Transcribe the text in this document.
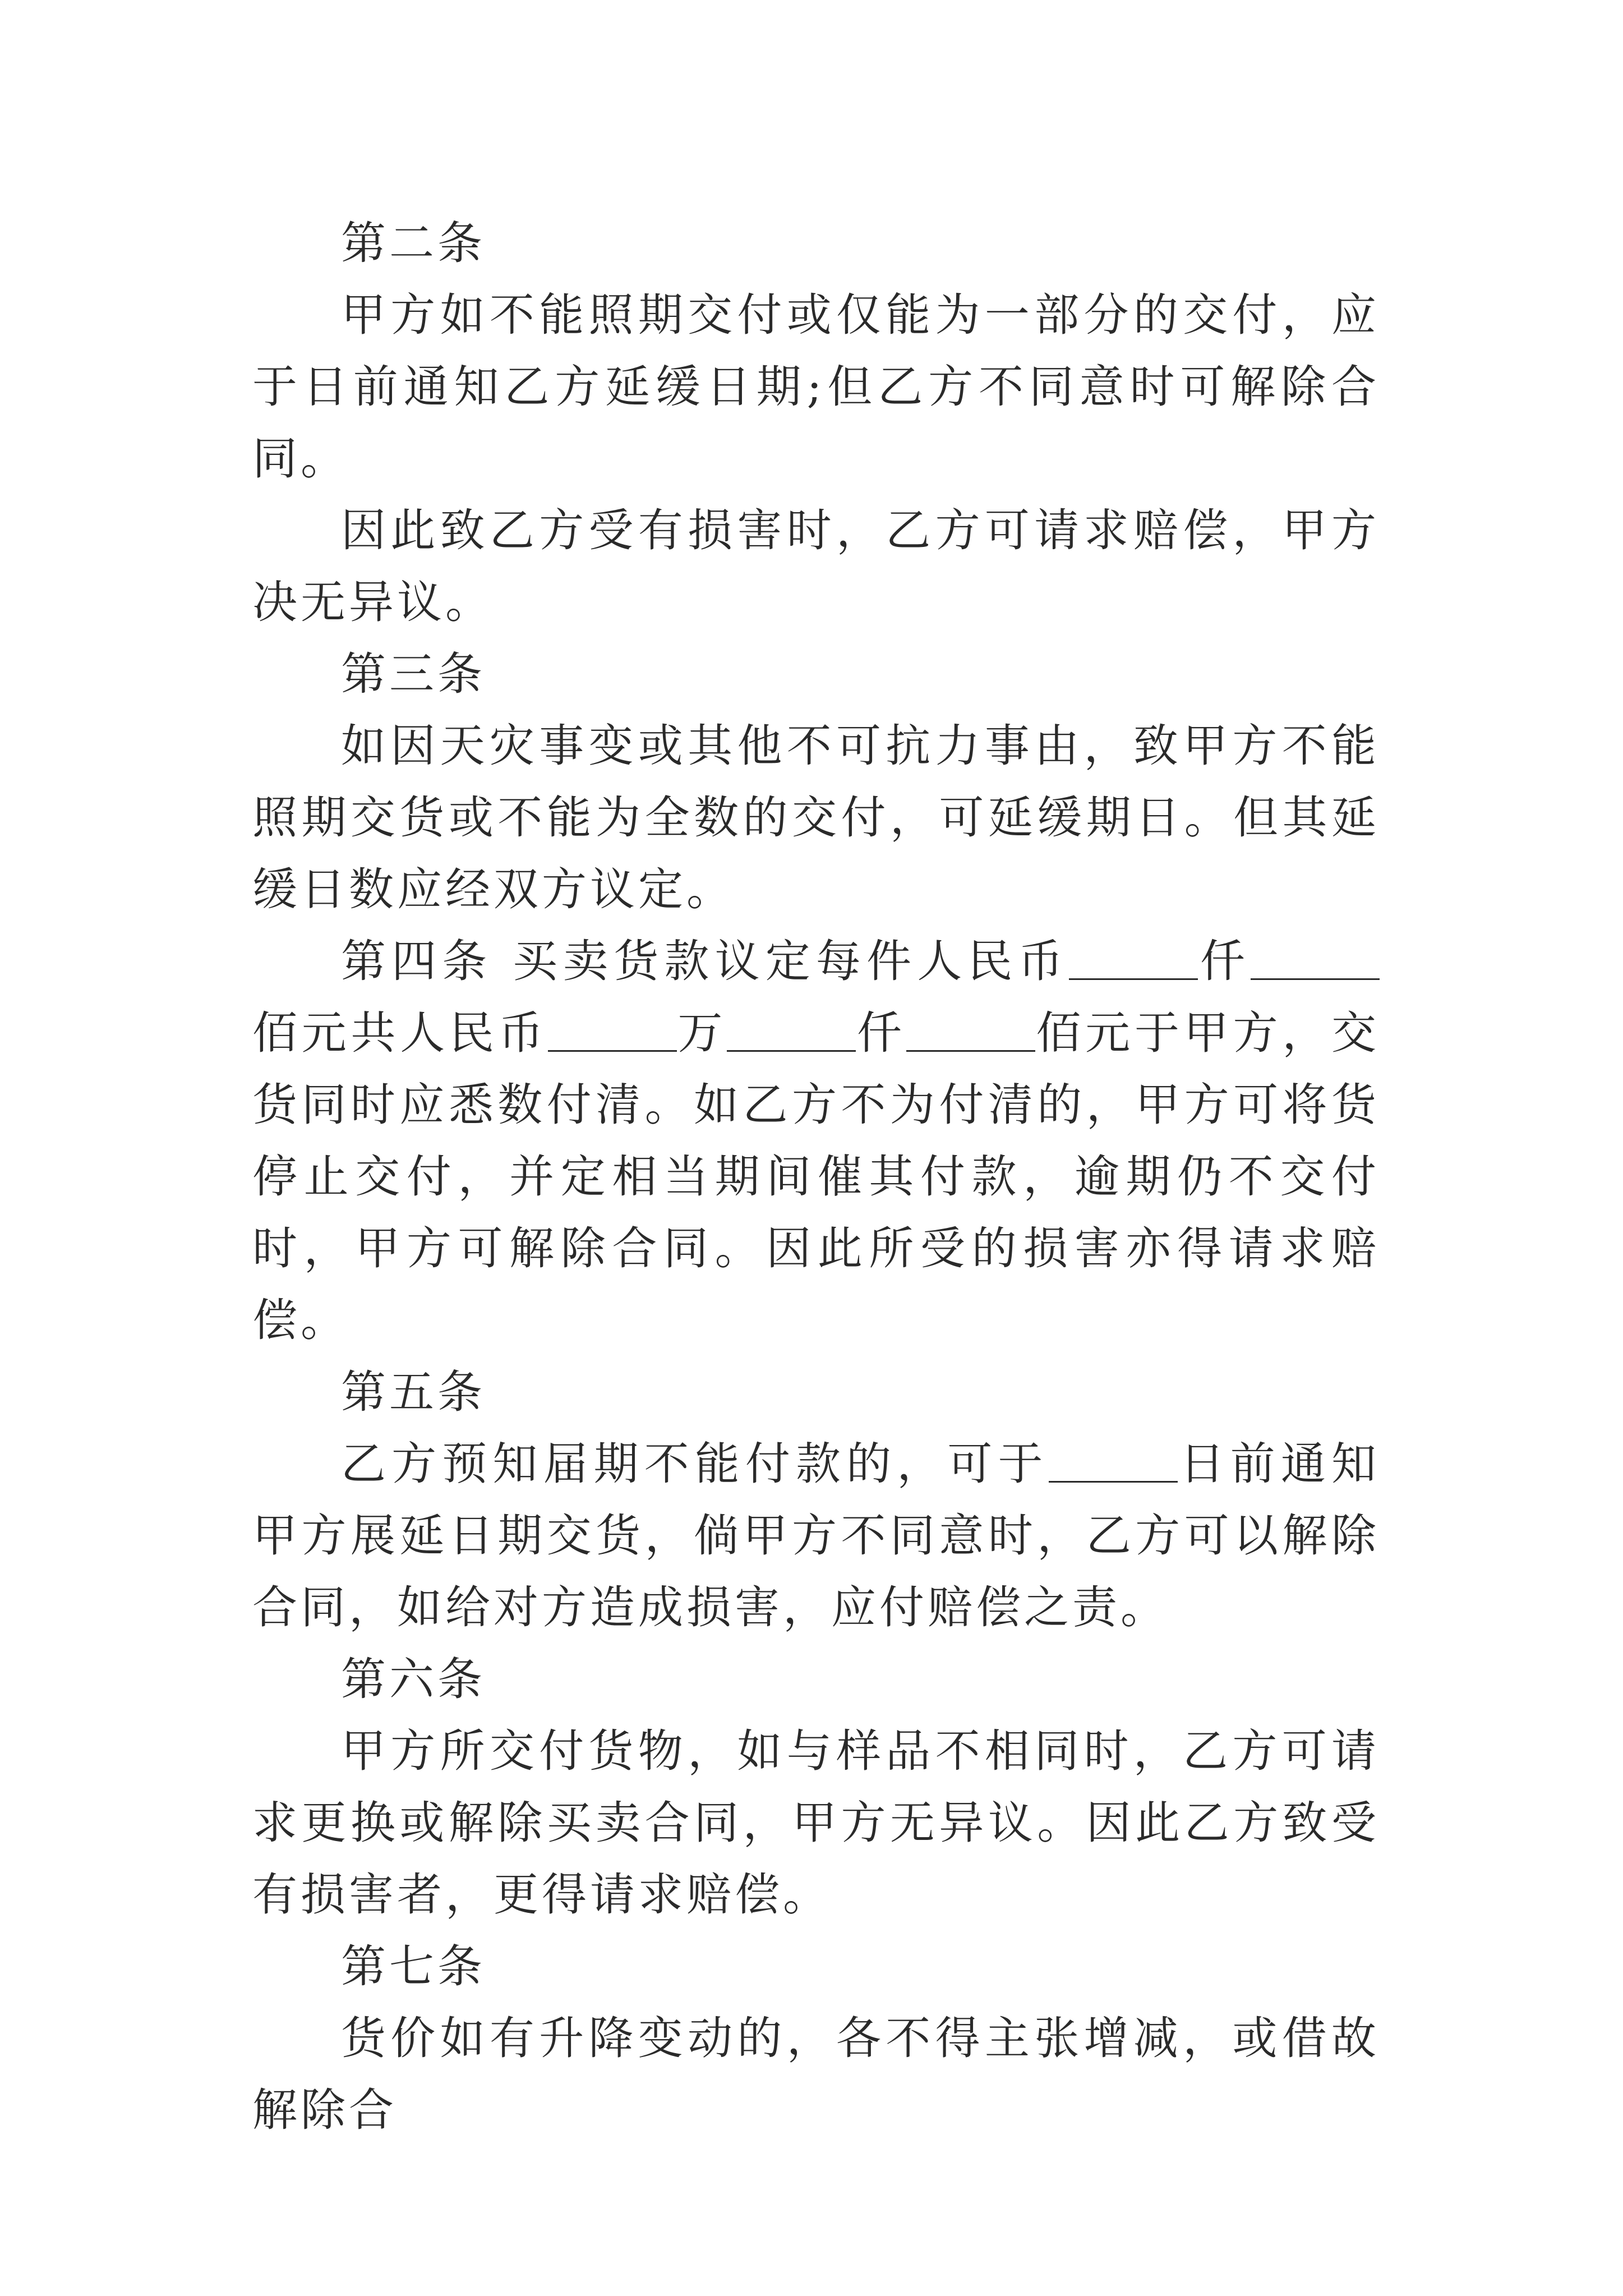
第二条

甲方如不能照期交付或仅能为一部分的交付，应于日前通知乙方延缓日期;但乙方不同意时可解除合同。

因此致乙方受有损害时，乙方可请求赔偿，甲方决无异议。

第三条

如因天灾事变或其他不可抗力事由，致甲方不能照期交货或不能为全数的交付，可延缓期日。但其延缓日数应经双方议定。

第四条 买卖货款议定每件人民币	仟佰元共人民币	万	仟	佰元于甲方，交货同时应悉数付清。如乙方不为付清的，甲方可将货停止交付，并定相当期间催其付款，逾期仍不交付时，甲方可解除合同。因此所受的损害亦得请求赔偿。

第五条

乙方预知届期不能付款的，可于	日前通知甲方展延日期交货，倘甲方不同意时，乙方可以解除合同，如给对方造成损害，应付赔偿之责。

第六条

甲方所交付货物，如与样品不相同时，乙方可请求更换或解除买卖合同，甲方无异议。因此乙方致受有损害者，更得请求赔偿。

第七条

货价如有升降变动的，各不得主张增减，或借故解除合
